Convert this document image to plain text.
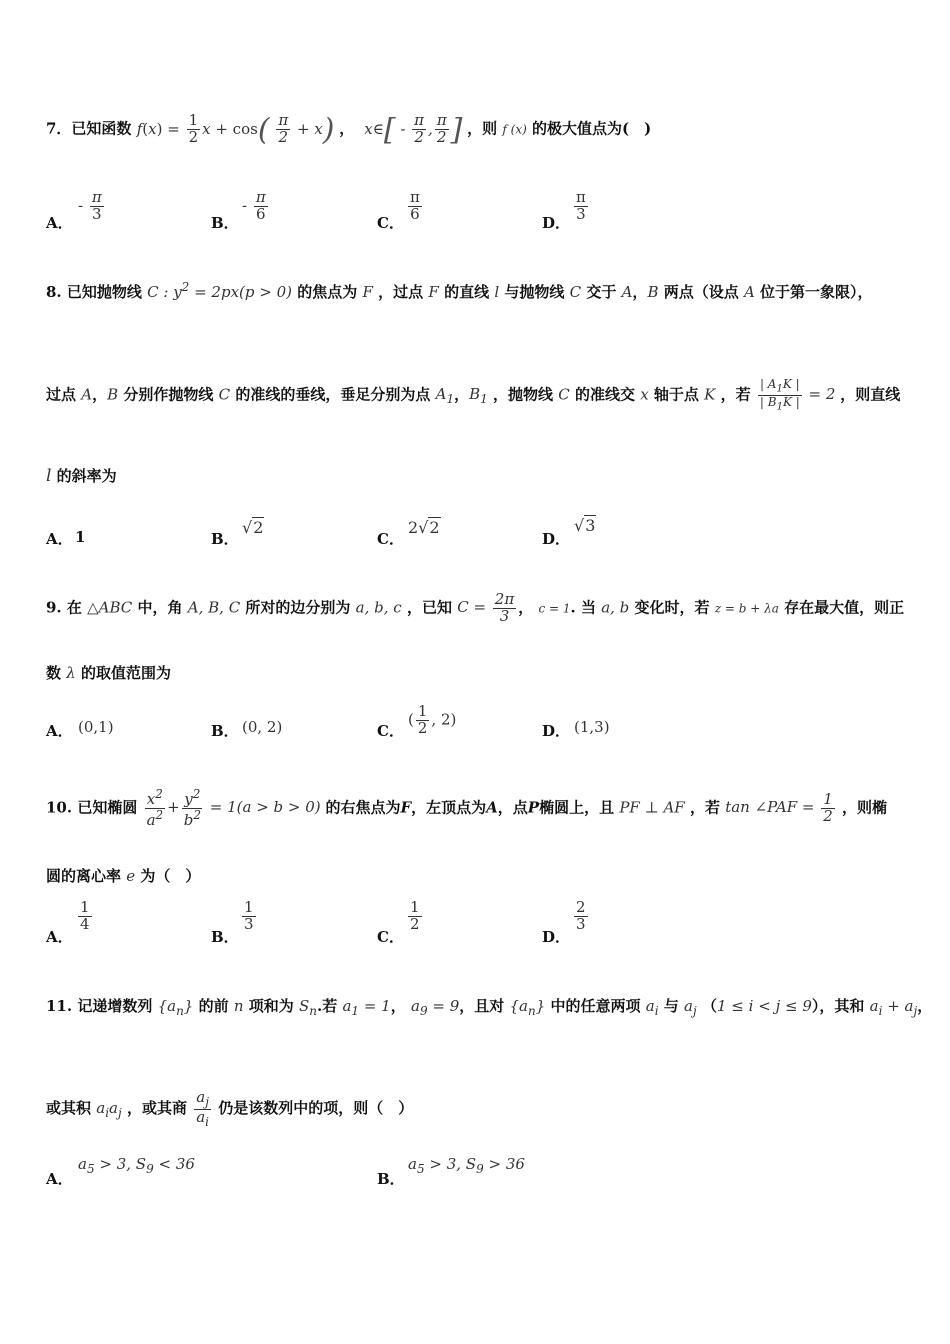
7．已知函数 $f(x) = \frac{1}{2}$ $x + \cos( \frac{\pi}{2} + x)$ ，  x∈[ - $\frac{\pi}{2}$ , $\frac{\pi}{2}$ ] ，则 f (x) 的极大值点为(　)
A．
- $\frac{\pi}{3}$
B．
- $\frac{\pi}{6}$
C．
$\frac{\pi}{6}$
D．
$\frac{\pi}{3}$
8. 已知抛物线 C : $y^2 = 2px(p > 0)$ 的焦点为 F ，过点 F 的直线 l 与抛物线 C 交于 A，B 两点（设点 A 位于第一象限），
过点 A，B 分别作抛物线 C 的准线的垂线，垂足分别为点 $A_1$，$B_1$ ，抛物线 C 的准线交 x 轴于点 K ，若 $\frac{| A_1K |}{| B_1K |} = 2$ ，则直线
l 的斜率为
A． 1	B．
√2
C．
2√2
D．
√3
9. 在 △ABC 中，角 A, B, C 所对的边分别为 a, b, c ，已知 $C = \frac{2\pi}{3}$ ， c = 1. 当 a, b 变化时，若 z = b + λa 存在最大值，则正
数 λ 的取值范围为
A． (0,1)	B． (0, 2)	C．
( $\frac{1}{2}$ , 2)
D． (1,3)
10. 已知椭圆 $\frac{x^2}{a^2} + \frac{y^2}{b^2} = 1(a > b > 0)$ 的右焦点为F，左顶点为A，点P椭圆上，且 PF ⊥ AF ，若 tan ∠PAF = $\frac{1}{2}$ ，则椭
圆的离心率 e 为（　）
A．
$\frac{1}{4}$
B．
$\frac{1}{3}$
C．
$\frac{1}{2}$
D．
$\frac{2}{3}$
11. 记递增数列 $\{a_n\}$ 的前 n 项和为 $S_n$.若 $a_1 = 1$， $a_9 = 9$，且对 $\{a_n\}$ 中的任意两项 $a_i$ 与 $a_j$ （1 ≤ i < j ≤ 9），其和 $a_i + a_j$，
或其积 $a_ia_j$ ，或其商 $\frac{a_j}{a_i}$ 仍是该数列中的项，则（　）
A．
$a_5 > 3$, $S_9 < 36$
B．
$a_5 > 3$, $S_9 > 36$
